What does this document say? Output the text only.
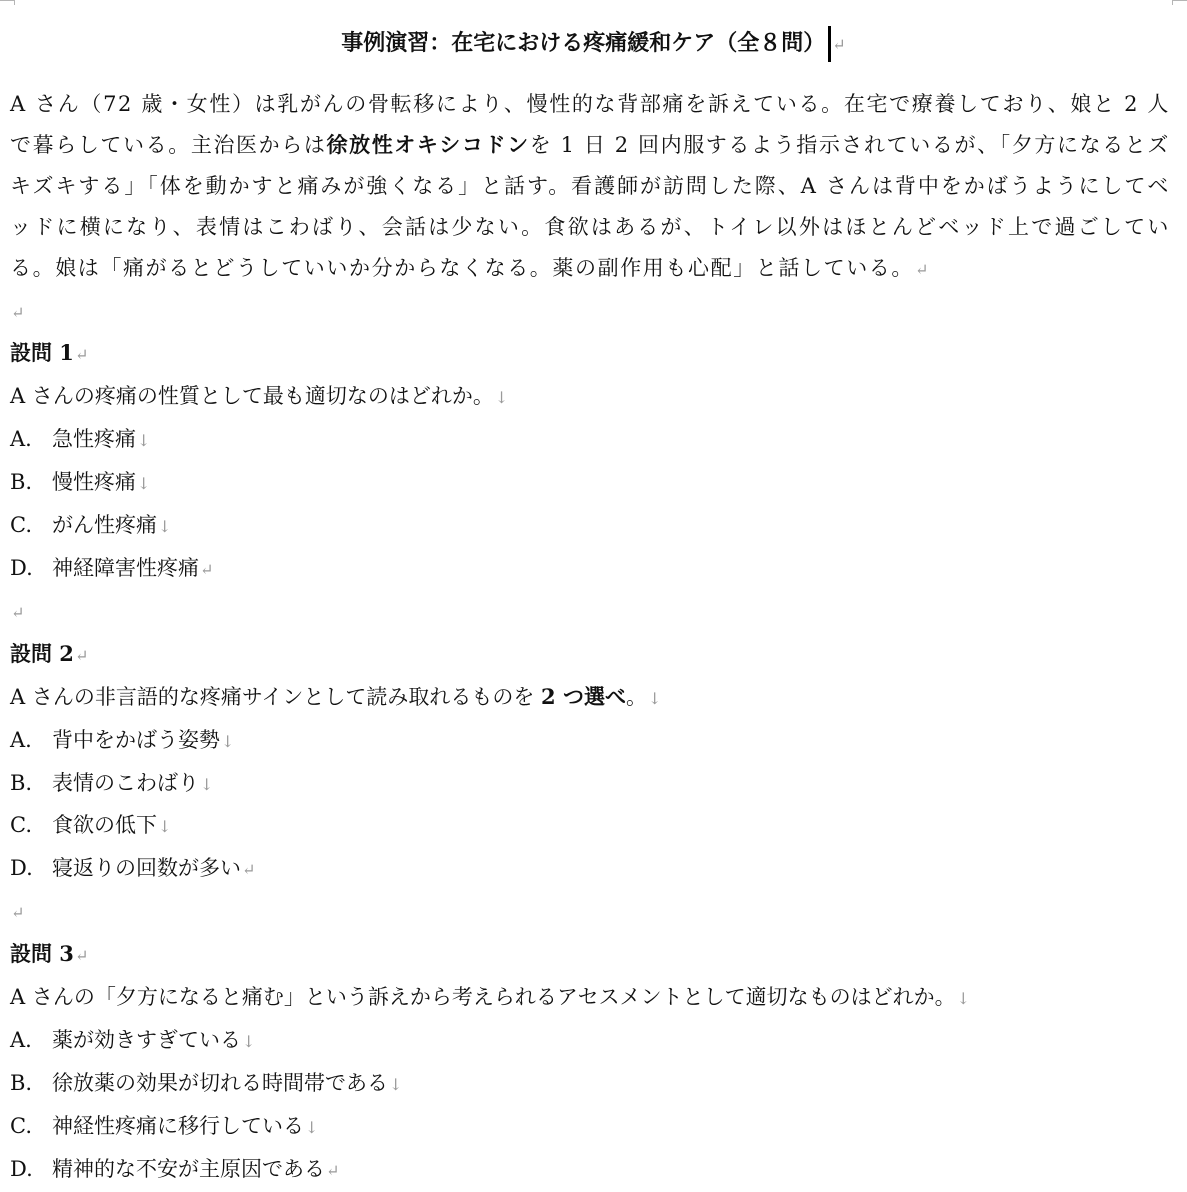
事例演習：在宅における疼痛緩和ケア（全８問） ↵

A さん（72 歳・女性）は乳がんの骨転移により、慢性的な背部痛を訴えている。在宅で療養しており、娘と 2 人で暮らしている。主治医からは徐放性オキシコドンを 1 日 2 回内服するよう指示されているが、「夕方になるとズキズキする」「体を動かすと痛みが強くなる」と話す。看護師が訪問した際、A さんは背中をかばうようにしてベッドに横になり、表情はこわばり、会話は少ない。食欲はあるが、トイレ以外はほとんどベッド上で過ごしている。娘は「痛がるとどうしていいか分からなくなる。薬の副作用も心配」と話している。↵

↵
設問 1↵
A さんの疼痛の性質として最も適切なのはどれか。↓
A. 急性疼痛↓
B. 慢性疼痛↓
C. がん性疼痛↓
D. 神経障害性疼痛↵
↵
設問 2↵
A さんの非言語的な疼痛サインとして読み取れるものを 2 つ選べ。↓
A. 背中をかばう姿勢↓
B. 表情のこわばり↓
C. 食欲の低下↓
D. 寝返りの回数が多い↵
↵
設問 3↵
A さんの「夕方になると痛む」という訴えから考えられるアセスメントとして適切なものはどれか。↓
A. 薬が効きすぎている↓
B. 徐放薬の効果が切れる時間帯である↓
C. 神経性疼痛に移行している↓
D. 精神的な不安が主原因である↵
